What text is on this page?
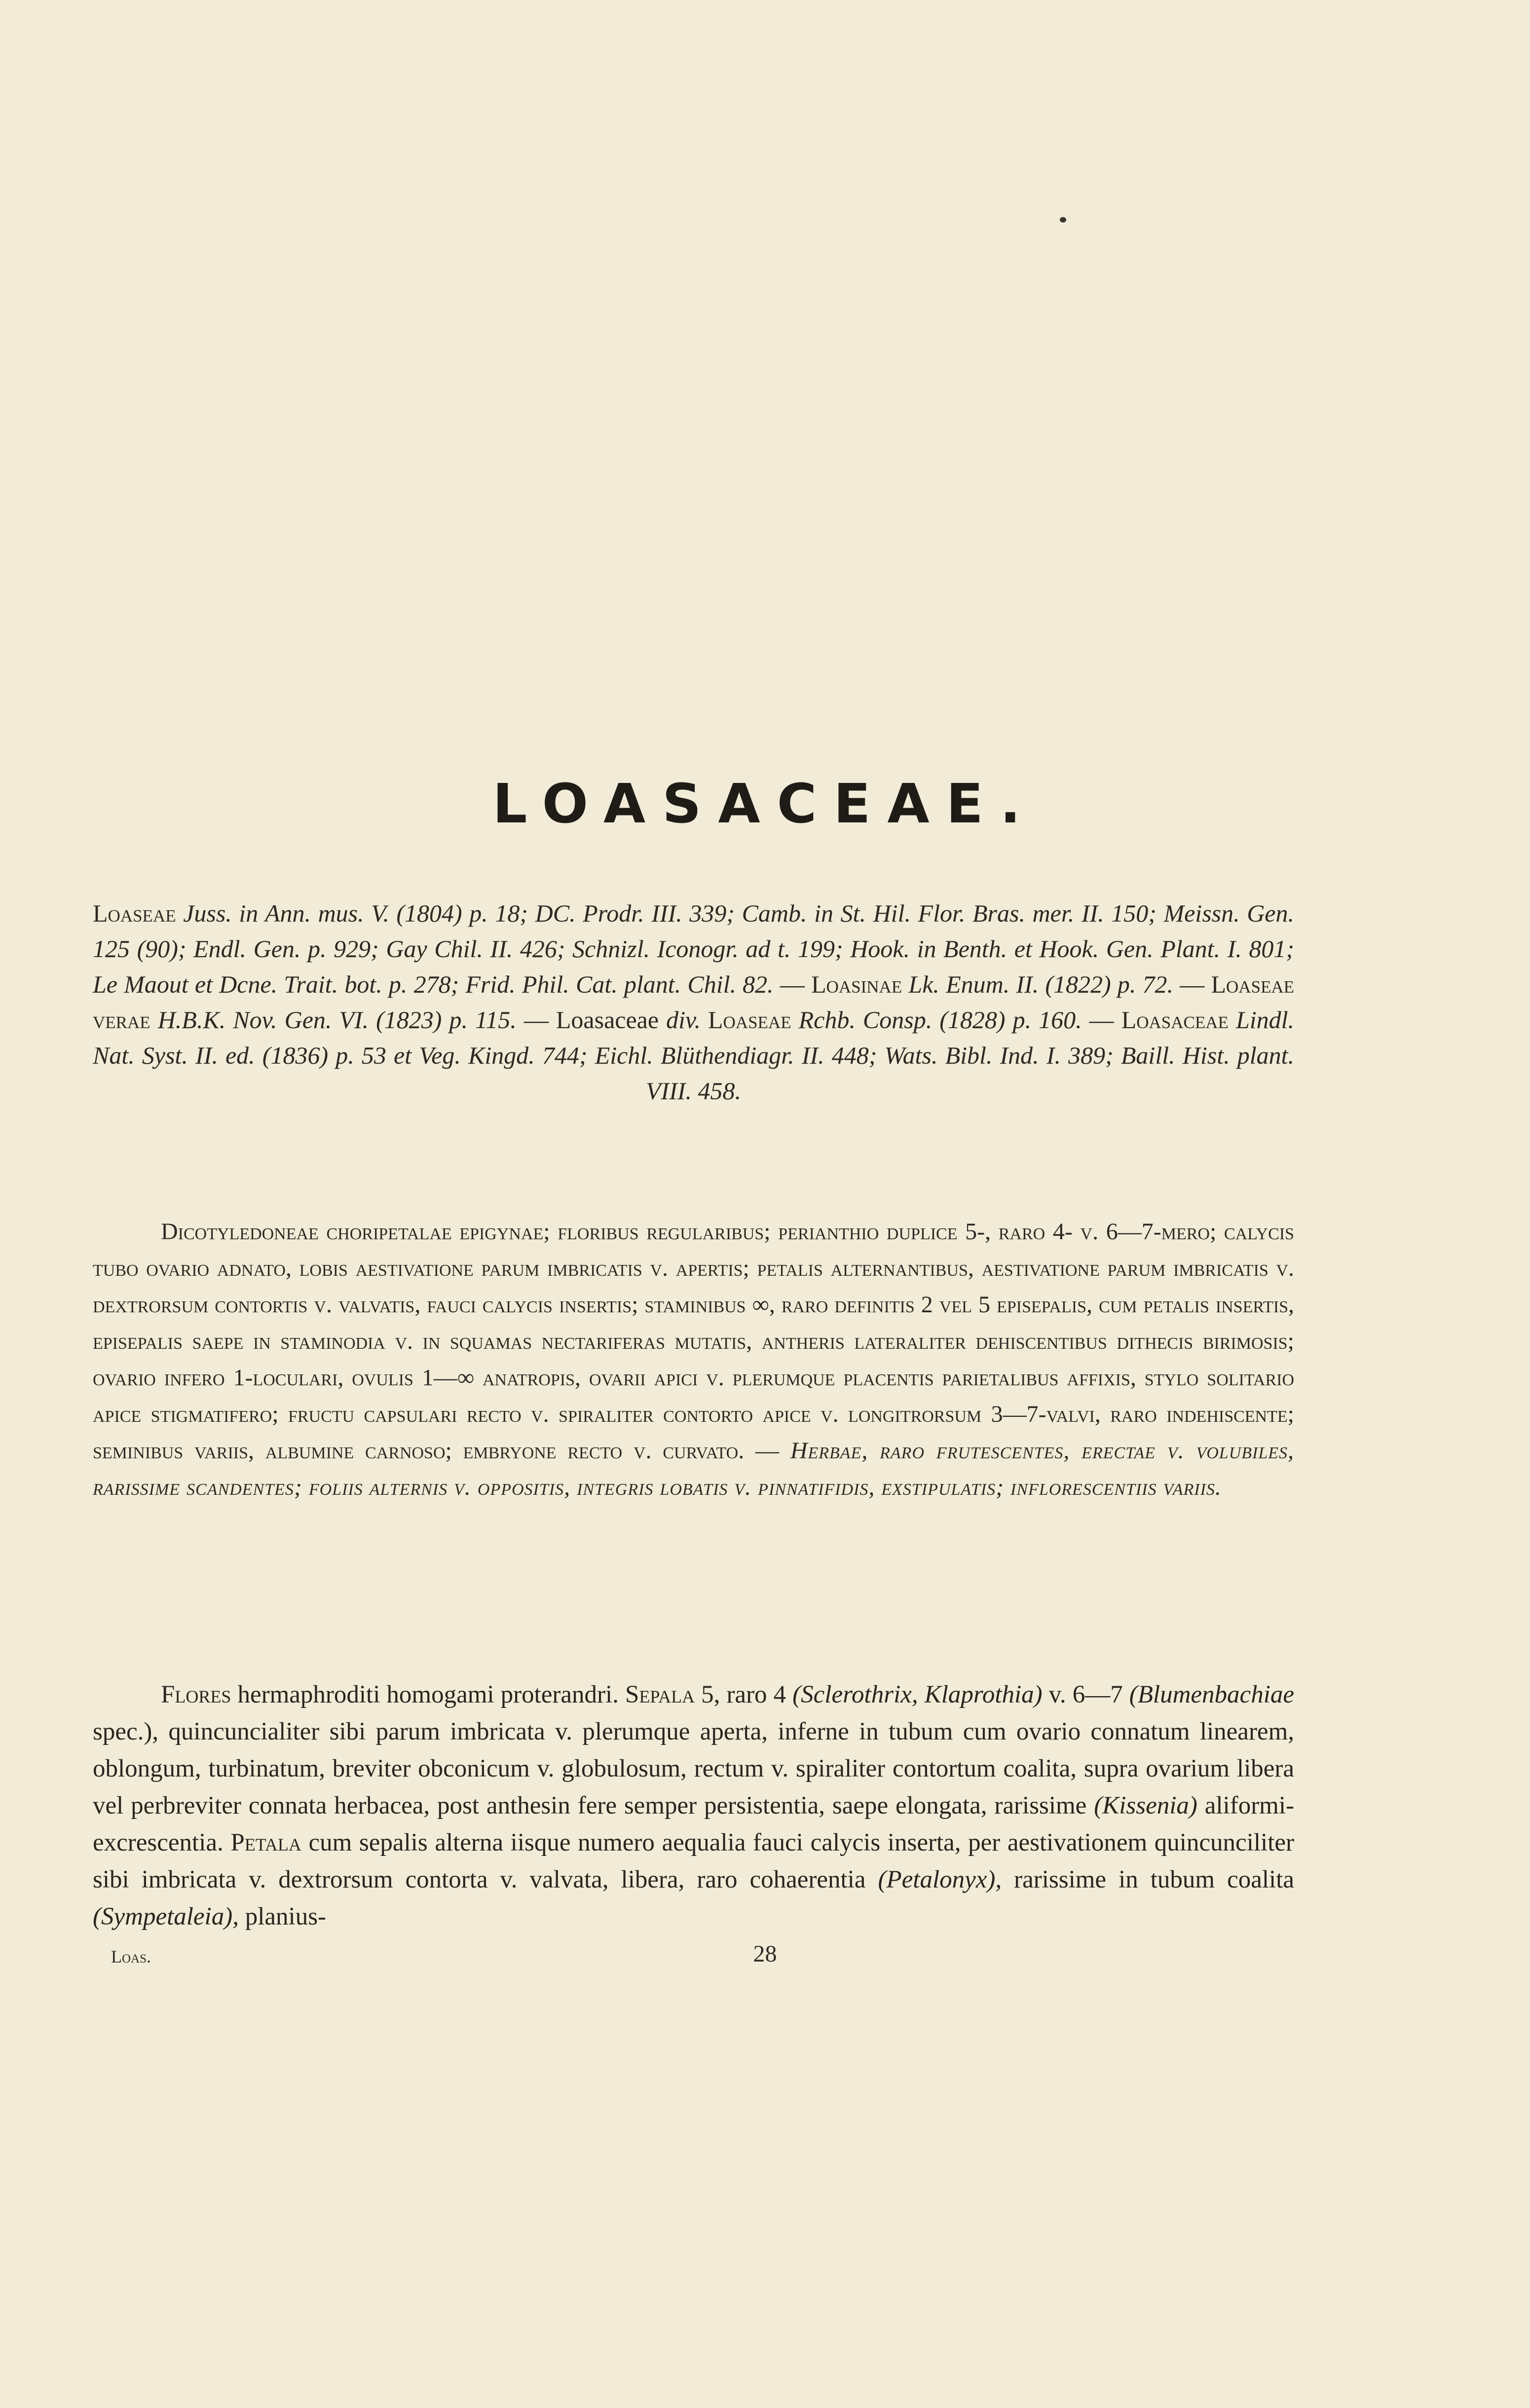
LOASACEAE.
Loaseae Juss. in Ann. mus. V. (1804) p. 18; DC. Prodr. III. 339; Camb. in St. Hil. Flor. Bras. mer. II. 150; Meissn. Gen. 125 (90); Endl. Gen. p. 929; Gay Chil. II. 426; Schnizl. Iconogr. ad t. 199; Hook. in Benth. et Hook. Gen. Plant. I. 801; Le Maout et Dcne. Trait. bot. p. 278; Frid. Phil. Cat. plant. Chil. 82. — Loasinae Lk. Enum. II. (1822) p. 72. — Loaseae verae H.B.K. Nov. Gen. VI. (1823) p. 115. — Loasaceae div. Loaseae Rchb. Consp. (1828) p. 160. — Loasaceae Lindl. Nat. Syst. II. ed. (1836) p. 53 et Veg. Kingd. 744; Eichl. Blüthendiagr. II. 448; Wats. Bibl. Ind. I. 389; Baill. Hist. plant. VIII. 458.
Dicotyledoneae choripetalae epigynae; floribus regularibus; perianthio duplice 5-, raro 4- v. 6—7-mero; calycis tubo ovario adnato, lobis aestivatione parum imbricatis v. apertis; petalis alternantibus, aestivatione parum imbricatis v. dextrorsum contortis v. valvatis, fauci calycis insertis; staminibus ∞, raro definitis 2 vel 5 episepalis, cum petalis insertis, episepalis saepe in staminodia v. in squamas nectariferas mutatis, antheris lateraliter dehiscentibus dithecis birimosis; ovario infero 1-loculari, ovulis 1—∞ anatropis, ovarii apici v. plerumque placentis parietalibus affixis, stylo solitario apice stigmatifero; fructu capsulari recto v. spiraliter contorto apice v. longitrorsum 3—7-valvi, raro indehiscente; seminibus variis, albumine carnoso; embryone recto v. curvato. — Herbae, raro frutescentes, erectae v. volubiles, rarissime scandentes; foliis alternis v. oppositis, integris lobatis v. pinnatifidis, exstipulatis; inflorescentiis variis.
Flores hermaphroditi homogami proterandri. Sepala 5, raro 4 (Sclerothrix, Klaprothia) v. 6—7 (Blumenbachiae spec.), quincuncialiter sibi parum imbricata v. plerumque aperta, inferne in tubum cum ovario connatum linearem, oblongum, turbinatum, breviter obconicum v. globulosum, rectum v. spiraliter contortum coalita, supra ovarium libera vel perbreviter connata herbacea, post anthesin fere semper persistentia, saepe elongata, rarissime (Kissenia) aliformi-excrescentia. Petala cum sepalis alterna iisque numero aequalia fauci calycis inserta, per aestivationem quincunciliter sibi imbricata v. dextrorsum contorta v. valvata, libera, raro cohaerentia (Petalonyx), rarissime in tubum coalita (Sympetaleia), planius-
Loas.	28
